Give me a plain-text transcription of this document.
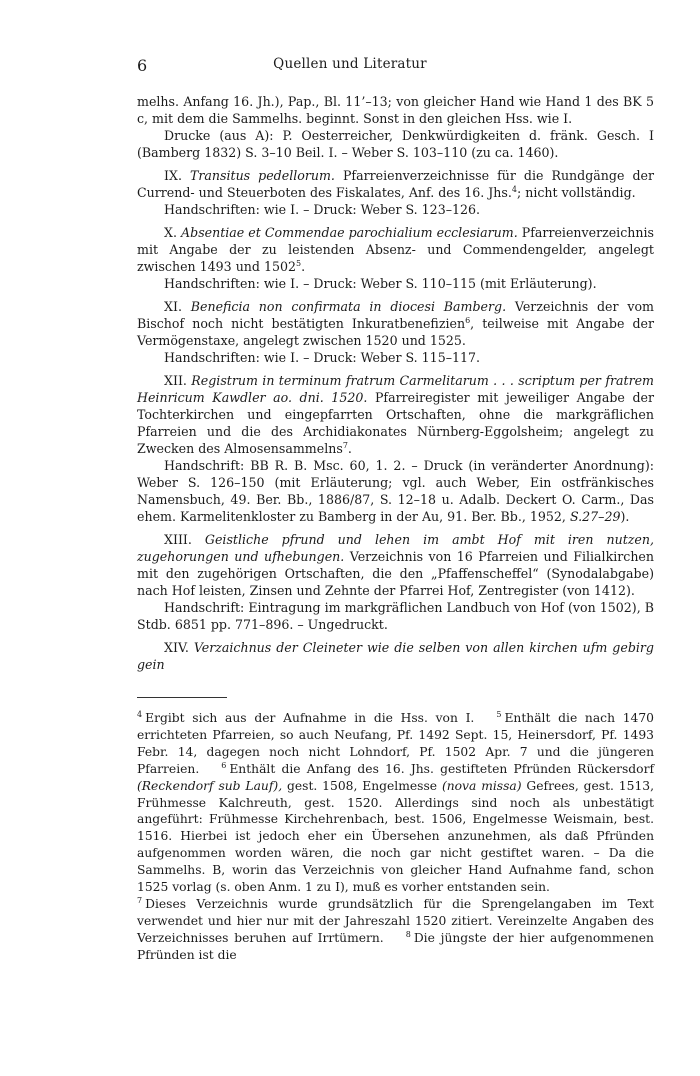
6	Quellen und Literatur

melhs. Anfang 16. Jh.), Pap., Bl. 11’–13; von gleicher Hand wie Hand 1 des BK 5 c, mit dem die Sammelhs. beginnt. Sonst in den gleichen Hss. wie I.

Drucke (aus A): P. Oesterreicher, Denkwürdigkeiten d. fränk. Gesch. I (Bamberg 1832) S. 3–10 Beil. I. – Weber S. 103–110 (zu ca. 1460).

IX. Transitus pedellorum. Pfarreienverzeichnisse für die Rundgänge der Currend- und Steuerboten des Fiskalates, Anf. des 16. Jhs.$^4$; nicht vollständig.

Handschriften: wie I. – Druck: Weber S. 123–126.

X. Absentiae et Commendae parochialium ecclesiarum. Pfarreienverzeichnis mit Angabe der zu leistenden Absenz- und Commendengelder, angelegt zwischen 1493 und 1502$^5$.

Handschriften: wie I. – Druck: Weber S. 110–115 (mit Erläuterung).

XI. Beneficia non confirmata in diocesi Bamberg. Verzeichnis der vom Bischof noch nicht bestätigten Inkuratbenefizien$^6$, teilweise mit Angabe der Vermögenstaxe, angelegt zwischen 1520 und 1525.

Handschriften: wie I. – Druck: Weber S. 115–117.

XII. Registrum in terminum fratrum Carmelitarum . . . scriptum per fratrem Heinricum Kawdler ao. dni. 1520. Pfarreiregister mit jeweiliger Angabe der Tochterkirchen und eingepfarrten Ortschaften, ohne die markgräflichen Pfarreien und die des Archidiakonates Nürnberg-Eggolsheim; angelegt zu Zwecken des Almosensammelns$^7$.

Handschrift: BB R. B. Msc. 60, 1. 2. – Druck (in veränderter Anordnung): Weber S. 126–150 (mit Erläuterung; vgl. auch Weber, Ein ostfränkisches Namensbuch, 49. Ber. Bb., 1886/87, S. 12–18 u. Adalb. Deckert O. Carm., Das ehem. Karmelitenkloster zu Bamberg in der Au, 91. Ber. Bb., 1952, S.27–29).

XIII. Geistliche pfrund und lehen im ambt Hof mit iren nutzen, zugehorungen und ufhebungen. Verzeichnis von 16 Pfarreien und Filialkirchen mit den zugehörigen Ortschaften, die den „Pfaffenscheffel“ (Synodalabgabe) nach Hof leisten, Zinsen und Zehnte der Pfarrei Hof, Zentregister (von 1412).

Handschrift: Eintragung im markgräflichen Landbuch von Hof (von 1502), B Stdb. 6851 pp. 771–896. – Ungedruckt.

XIV. Verzaichnus der Cleineter wie die selben von allen kirchen ufm gebirg gein

$^4$ Ergibt sich aus der Aufnahme in die Hss. von I.	$^5$ Enthält die nach 1470 errichteten Pfarreien, so auch Neufang, Pf. 1492 Sept. 15, Heinersdorf, Pf. 1493 Febr. 14, dagegen noch nicht Lohndorf, Pf. 1502 Apr. 7 und die jüngeren Pfarreien.	$^6$ Enthält die Anfang des 16. Jhs. gestifteten Pfründen Rückersdorf (Reckendorf sub Lauf), gest. 1508, Engelmesse (nova missa) Gefrees, gest. 1513, Frühmesse Kalchreuth, gest. 1520. Allerdings sind noch als unbestätigt angeführt: Frühmesse Kirchehrenbach, best. 1506, Engelmesse Weismain, best. 1516. Hierbei ist jedoch eher ein Übersehen anzunehmen, als daß Pfründen aufgenommen worden wären, die noch gar nicht gestiftet waren. – Da die Sammelhs. B, worin das Verzeichnis von gleicher Hand Aufnahme fand, schon 1525 vorlag (s. oben Anm. 1 zu I), muß es vorher entstanden sein.

$^7$ Dieses Verzeichnis wurde grundsätzlich für die Sprengelangaben im Text verwendet und hier nur mit der Jahreszahl 1520 zitiert. Vereinzelte Angaben des Verzeichnisses beruhen auf Irrtümern.	$^8$ Die jüngste der hier aufgenommenen Pfründen ist die
